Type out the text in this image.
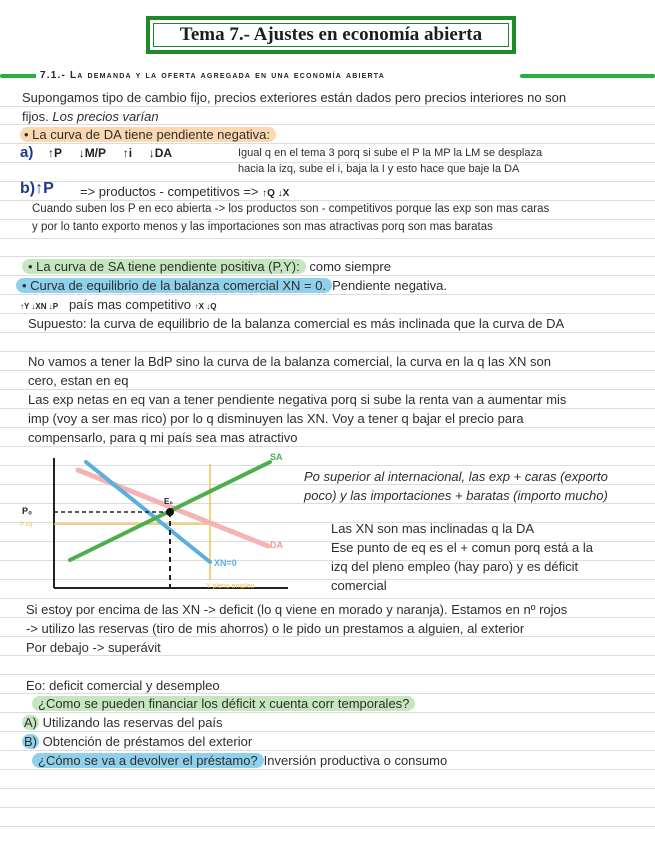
Tema 7.- Ajustes en economía abierta
7.1.- La demanda y la oferta agregada en una economía abierta
Supongamos tipo de cambio fijo, precios exteriores están dados pero precios interiores no son
fijos. Los precios varían
• La curva de DA tiene pendiente negativa:
a) ↑P ↓M/P ↑i ↓DA	Igual q en el tema 3 porq si sube el P la MP la LM se desplaza
hacia la izq, sube el i, baja la I y esto hace que baje la DA
b)↑P => productos - competitivos => ↑Q ↓X
Cuando suben los P en eco abierta -> los productos son - competitivos porque las exp son mas caras
y por lo tanto exporto menos y las importaciones son mas atractivas porq son mas baratas
• La curva de SA tiene pendiente positiva (P,Y): como siempre
• Curva de equilibrio de la balanza comercial XN = 0. Pendiente negativa.
↑Y ↓XN ↓P país mas competitivo ↑X ↓Q
Supuesto: la curva de equilibrio de la balanza comercial es más inclinada que la curva de DA
No vamos a tener la BdP sino la curva de la balanza comercial, la curva en la q las XN son
cero, estan en eq
Las exp netas en eq van a tener pendiente negativa porq si sube la renta van a aumentar mis
imp (voy a ser mas rico) por lo q disminuyen las XN. Voy a tener q bajar el precio para
compensarlo, para q mi país sea mas atractivo
SA
DA
XN=0
P₀
P eq
E₀
Y pleno empleo
Po superior al internacional, las exp + caras (exporto
poco) y las importaciones + baratas (importo mucho)
Las XN son mas inclinadas q la DA
Ese punto de eq es el + comun porq está a la
izq del pleno empleo (hay paro) y es déficit
comercial
Si estoy por encima de las XN -> deficit (lo q viene en morado y naranja). Estamos en nº rojos
-> utilizo las reservas (tiro de mis ahorros) o le pido un prestamos a alguien, al exterior
Por debajo -> superávit
Eo: deficit comercial y desempleo
¿Como se pueden financiar los déficit x cuenta corr temporales?
A) Utilizando las reservas del país
B) Obtención de préstamos del exterior
¿Cómo se va a devolver el préstamo? Inversión productiva o consumo
